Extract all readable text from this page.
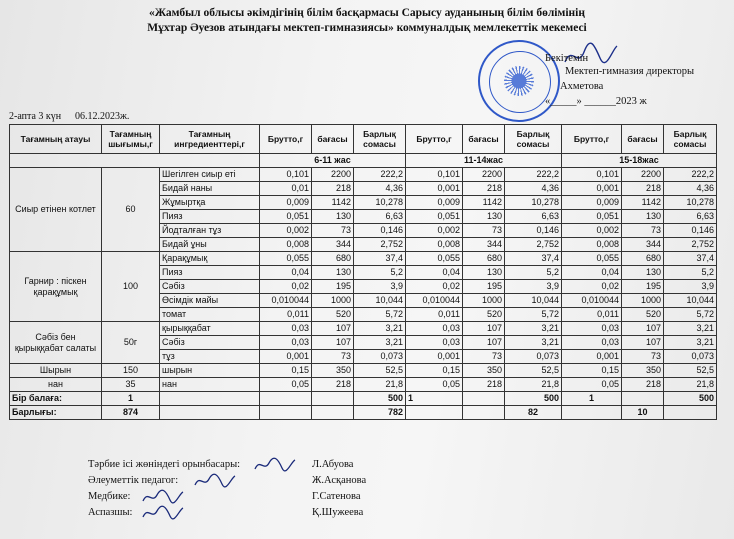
«Жамбыл облысы әкімдігінің білім басқармасы Сарысу ауданының білім бөлімінің
Мұхтар Әуезов атындағы мектеп-гимназиясы» коммуналдық мемлекеттік мекемесі
Бекітемін
Мектеп-гимназия директоры
Ахметова
«_____» ______2023 ж
2-апта 3 күн 06.12.2023ж.
Тағамның атауы	Тағамның шығымы,г	Тағамның ингредиенттері,г	Брутто,г	бағасы	Барлық сомасы	Брутто,г	бағасы	Барлық сомасы	Брутто,г	бағасы	Барлық сомасы
			6-11 жас			11-14жас			15-18жас		
Сиыр етінен котлет	60	Шегілген сиыр еті	0,101	2200	222,2	0,101	2200	222,2	0,101	2200	222,2
		Бидай наны	0,01	218	4,36	0,001	218	4,36	0,001	218	4,36
		Жұмыртқа	0,009	1142	10,278	0,009	1142	10,278	0,009	1142	10,278
		Пияз	0,051	130	6,63	0,051	130	6,63	0,051	130	6,63
		Йодталған тұз	0,002	73	0,146	0,002	73	0,146	0,002	73	0,146
		Бидай ұны	0,008	344	2,752	0,008	344	2,752	0,008	344	2,752
Гарнир : піскен қарақұмық	100	Қарақұмық	0,055	680	37,4	0,055	680	37,4	0,055	680	37,4
		Пияз	0,04	130	5,2	0,04	130	5,2	0,04	130	5,2
		Сәбіз	0,02	195	3,9	0,02	195	3,9	0,02	195	3,9
		Өсімдік майы	0,010044	1000	10,044	0,010044	1000	10,044	0,010044	1000	10,044
		томат	0,011	520	5,72	0,011	520	5,72	0,011	520	5,72
Сәбіз бен қырыққабат салаты	50г	қырыққабат	0,03	107	3,21	0,03	107	3,21	0,03	107	3,21
		Сәбіз	0,03	107	3,21	0,03	107	3,21	0,03	107	3,21
		тұз	0,001	73	0,073	0,001	73	0,073	0,001	73	0,073
Шырын	150	шырын	0,15	350	52,5	0,15	350	52,5	0,15	350	52,5
нан	35	нан	0,05	218	21,8	0,05	218	21,8	0,05	218	21,8
Бір балаға:	1				500	1		500	1		500
Барлығы:	874				782			82		10	
Тәрбие ісі жөніндегі орынбасары:	Л.Абуова
Әлеуметтік педагог:	Ж.Асқанова
Медбике:	Г.Сатенова
Аспазшы:	Қ.Шужеева
